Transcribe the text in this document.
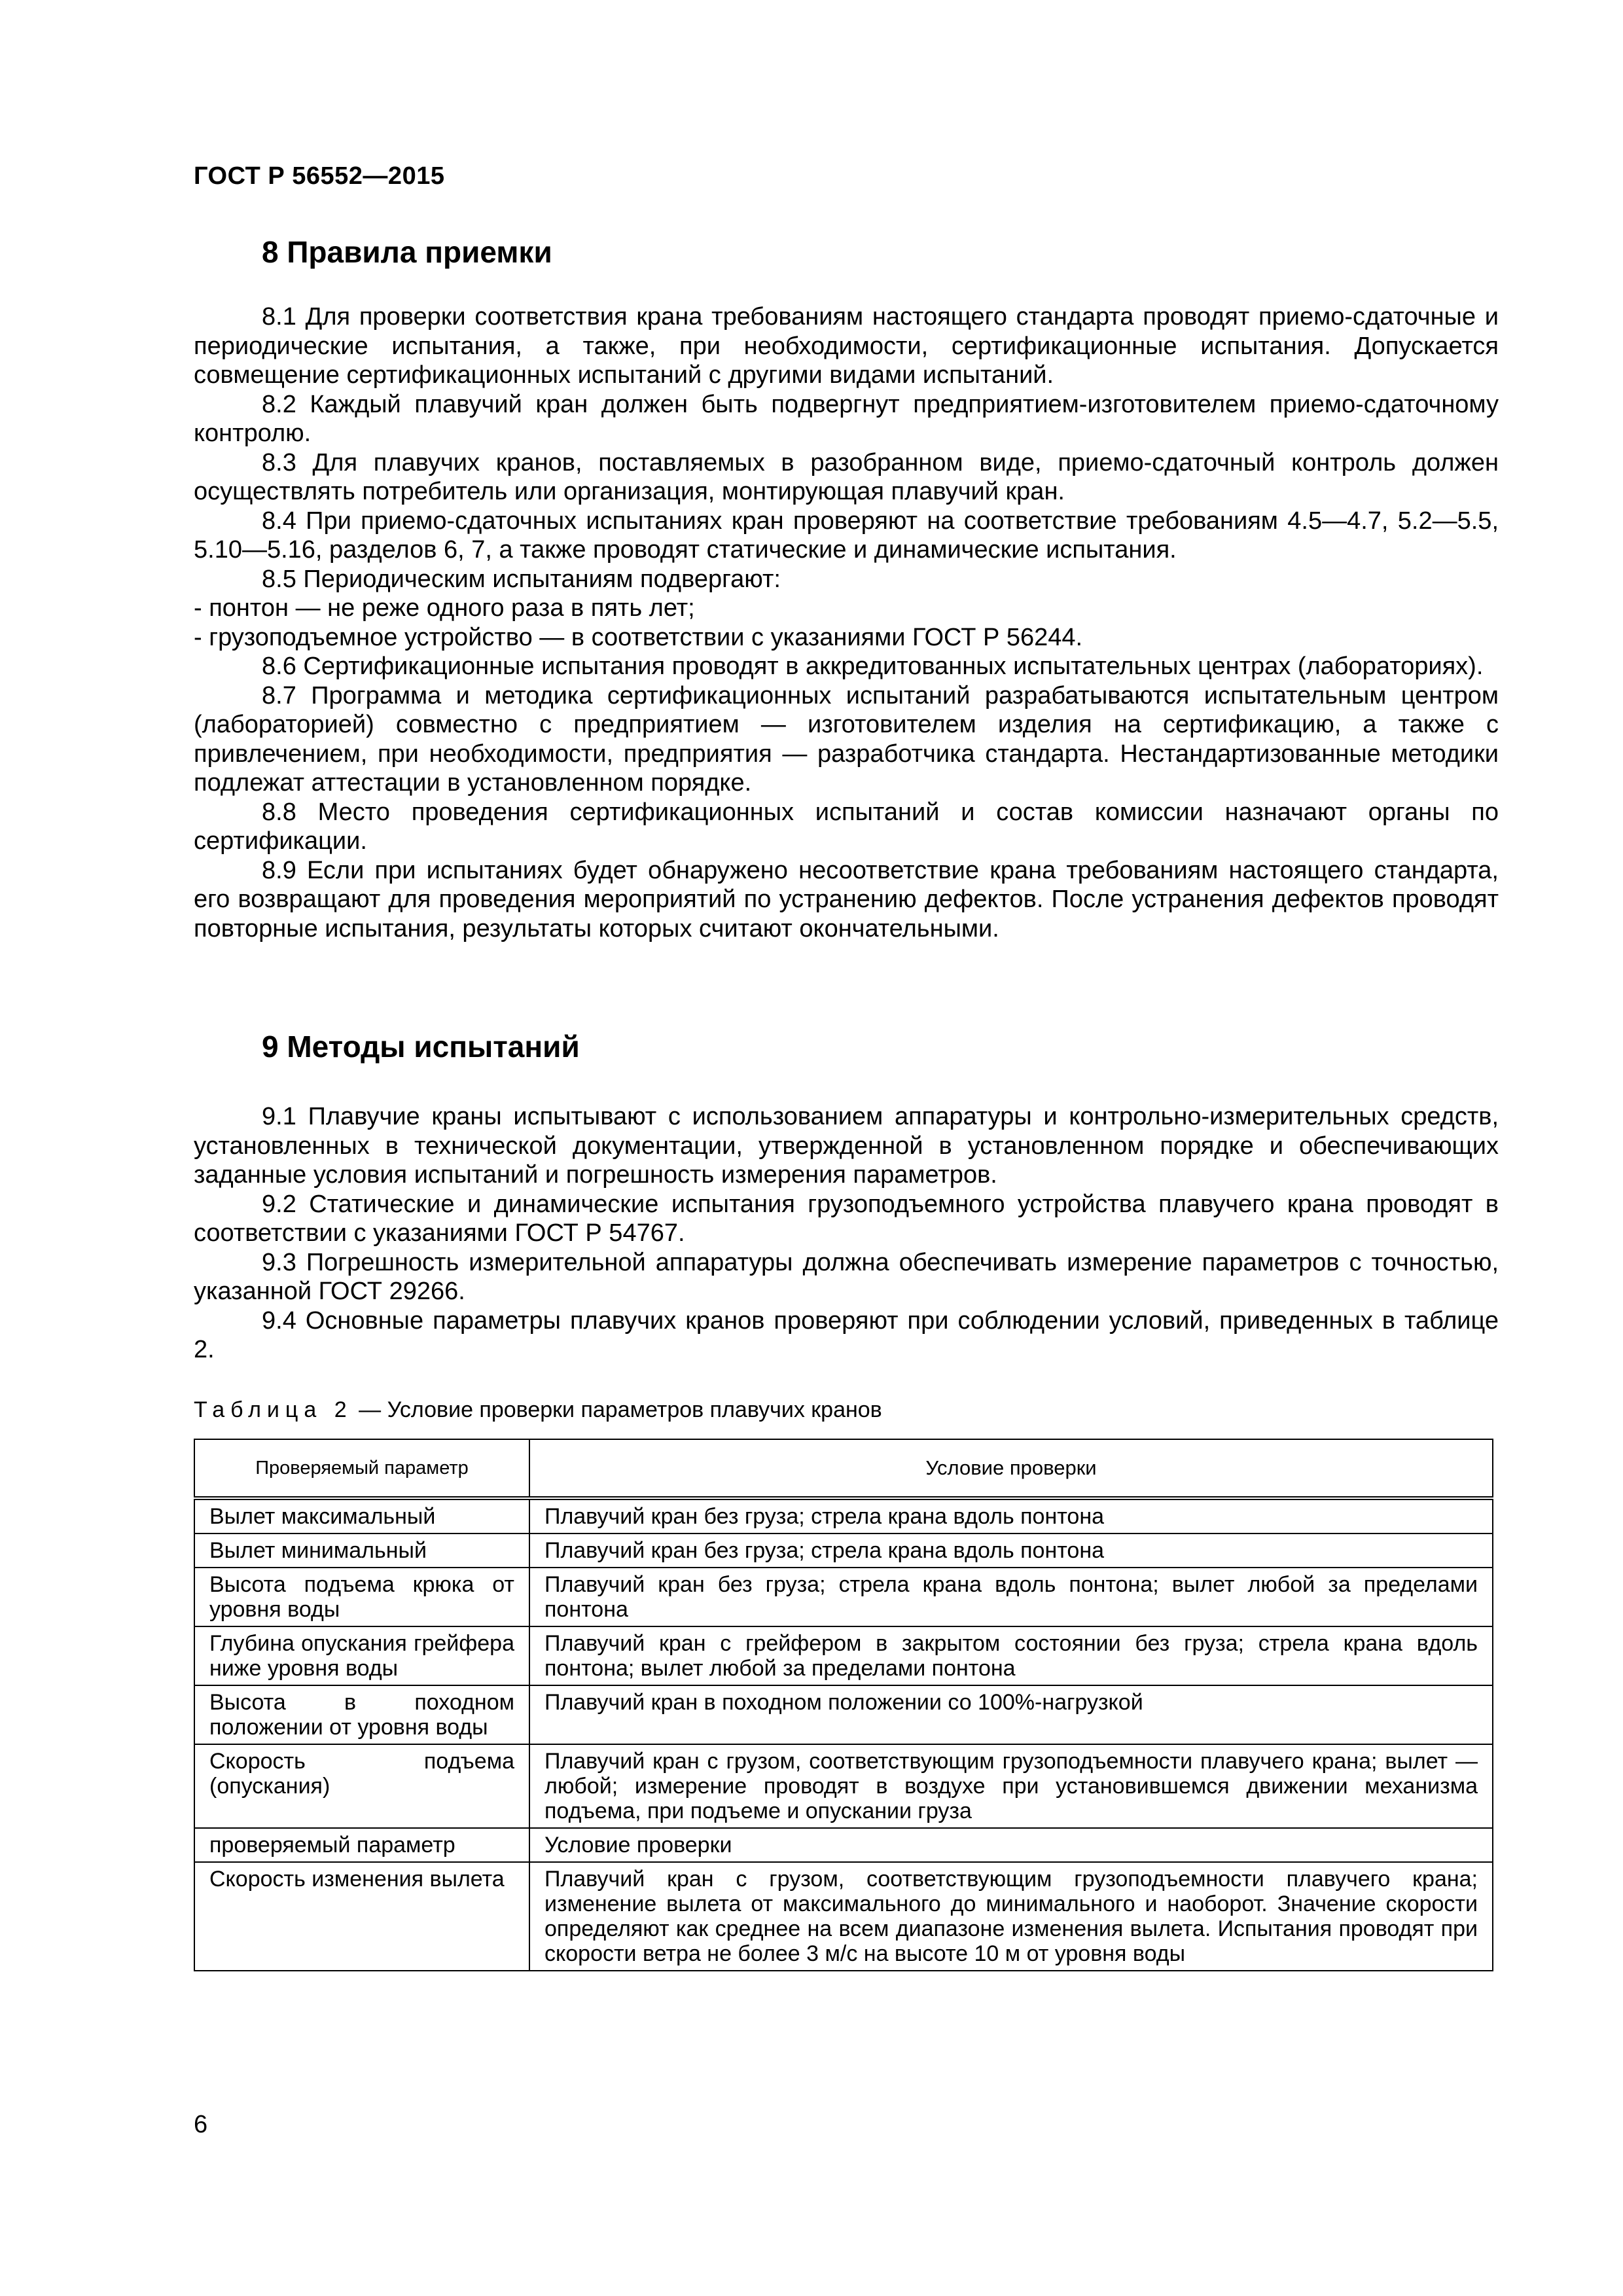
ГОСТ Р 56552—2015
8 Правила приемки

8.1 Для проверки соответствия крана требованиям настоящего стандарта проводят приемо-сдаточные и периодические испытания, а также, при необходимости, сертификационные испытания. Допускается совмещение сертификационных испытаний с другими видами испытаний.

8.2 Каждый плавучий кран должен быть подвергнут предприятием-изготовителем приемо-сдаточному контролю.

8.3 Для плавучих кранов, поставляемых в разобранном виде, приемо-сдаточный контроль должен осуществлять потребитель или организация, монтирующая плавучий кран.

8.4 При приемо-сдаточных испытаниях кран проверяют на соответствие требованиям 4.5—4.7, 5.2—5.5, 5.10—5.16, разделов 6, 7, а также проводят статические и динамические испытания.

8.5 Периодическим испытаниям подвергают:

- понтон — не реже одного раза в пять лет;

- грузоподъемное устройство — в соответствии с указаниями ГОСТ Р 56244.

8.6 Сертификационные испытания проводят в аккредитованных испытательных центрах (лабораториях).

8.7 Программа и методика сертификационных испытаний разрабатываются испытательным центром (лабораторией) совместно с предприятием — изготовителем изделия на сертификацию, а также с привлечением, при необходимости, предприятия — разработчика стандарта. Нестандартизованные методики подлежат аттестации в установленном порядке.

8.8 Место проведения сертификационных испытаний и состав комиссии назначают органы по сертификации.

8.9 Если при испытаниях будет обнаружено несоответствие крана требованиям настоящего стандарта, его возвращают для проведения мероприятий по устранению дефектов. После устранения дефектов проводят повторные испытания, результаты которых считают окончательными.

9 Методы испытаний

9.1 Плавучие краны испытывают с использованием аппаратуры и контрольно-измерительных средств, установленных в технической документации, утвержденной в установленном порядке и обеспечивающих заданные условия испытаний и погрешность измерения параметров.

9.2 Статические и динамические испытания грузоподъемного устройства плавучего крана проводят в соответствии с указаниями ГОСТ Р 54767.

9.3 Погрешность измерительной аппаратуры должна обеспечивать измерение параметров с точностью, указанной ГОСТ 29266.

9.4 Основные параметры плавучих кранов проверяют при соблюдении условий, приведенных в таблице 2.

Таблица 2 — Условие проверки параметров плавучих кранов
Проверяемый параметр	Условие проверки
Вылет максимальный	Плавучий кран без груза; стрела крана вдоль понтона
Вылет минимальный	Плавучий кран без груза; стрела крана вдоль понтона
Высота подъема крюка от уровня воды	Плавучий кран без груза; стрела крана вдоль понтона; вылет любой за пределами понтона
Глубина опускания грейфера ниже уровня воды	Плавучий кран с грейфером в закрытом состоянии без груза; стрела крана вдоль понтона; вылет любой за пределами понтона
Высота в походном положении от уровня воды	Плавучий кран в походном положении со 100%-нагрузкой
Скорость подъема (опускания)	Плавучий кран с грузом, соответствующим грузоподъемности плавучего крана; вылет — любой; измерение проводят в воздухе при установившемся движении механизма подъема, при подъеме и опускании груза
проверяемый параметр	Условие проверки
Скорость изменения вылета	Плавучий кран с грузом, соответствующим грузоподъемности плавучего крана; изменение вылета от максимального до минимального и наоборот. Значение скорости определяют как среднее на всем диапазоне изменения вылета. Испытания проводят при скорости ветра не более 3 м/с на высоте 10 м от уровня воды
6
